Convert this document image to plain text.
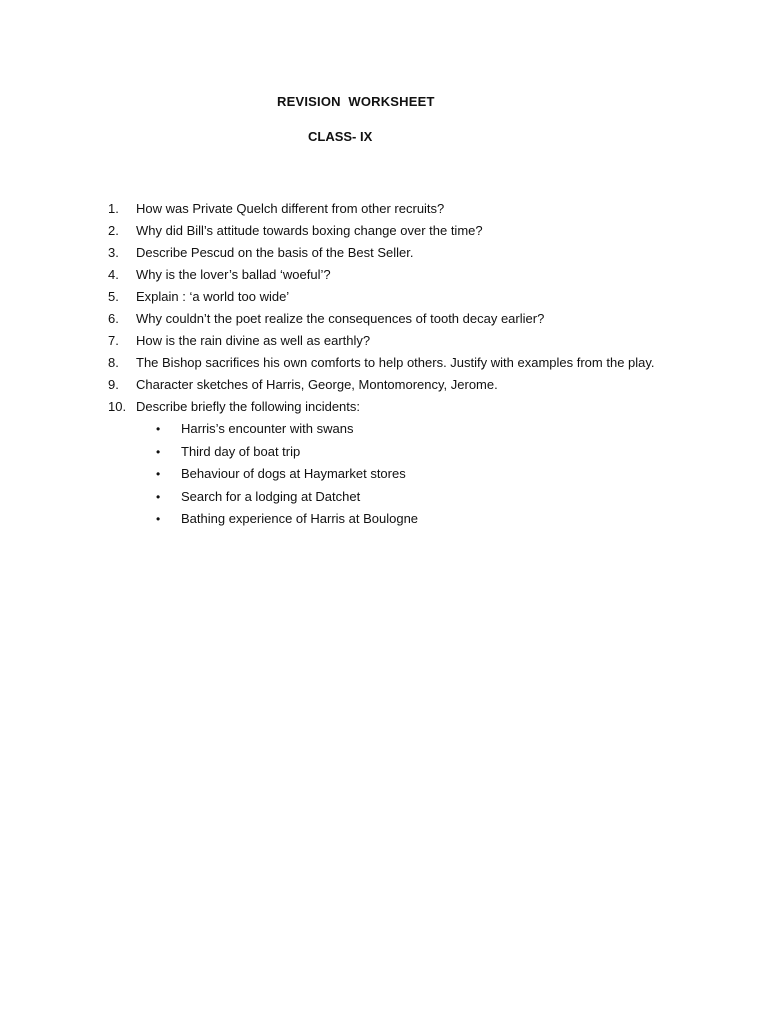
REVISION  WORKSHEET
CLASS- IX
1.	How was Private Quelch different from other recruits?
2.	Why did Bill’s attitude towards boxing change over the time?
3.	Describe Pescud on the basis of the Best Seller.
4.	Why is the lover’s ballad ‘woeful’?
5.	Explain : ‘a world too wide’
6.	Why couldn’t the poet realize the consequences of tooth decay earlier?
7.	How is the rain divine as well as earthly?
8.	The Bishop sacrifices his own comforts to help others. Justify with examples from the play.
9.	Character sketches of Harris, George, Montomorency, Jerome.
10. Describe briefly the following incidents:
• Harris’s encounter with swans
• Third day of boat trip
• Behaviour of dogs at Haymarket stores
• Search for a lodging at Datchet
• Bathing experience of Harris at Boulogne
